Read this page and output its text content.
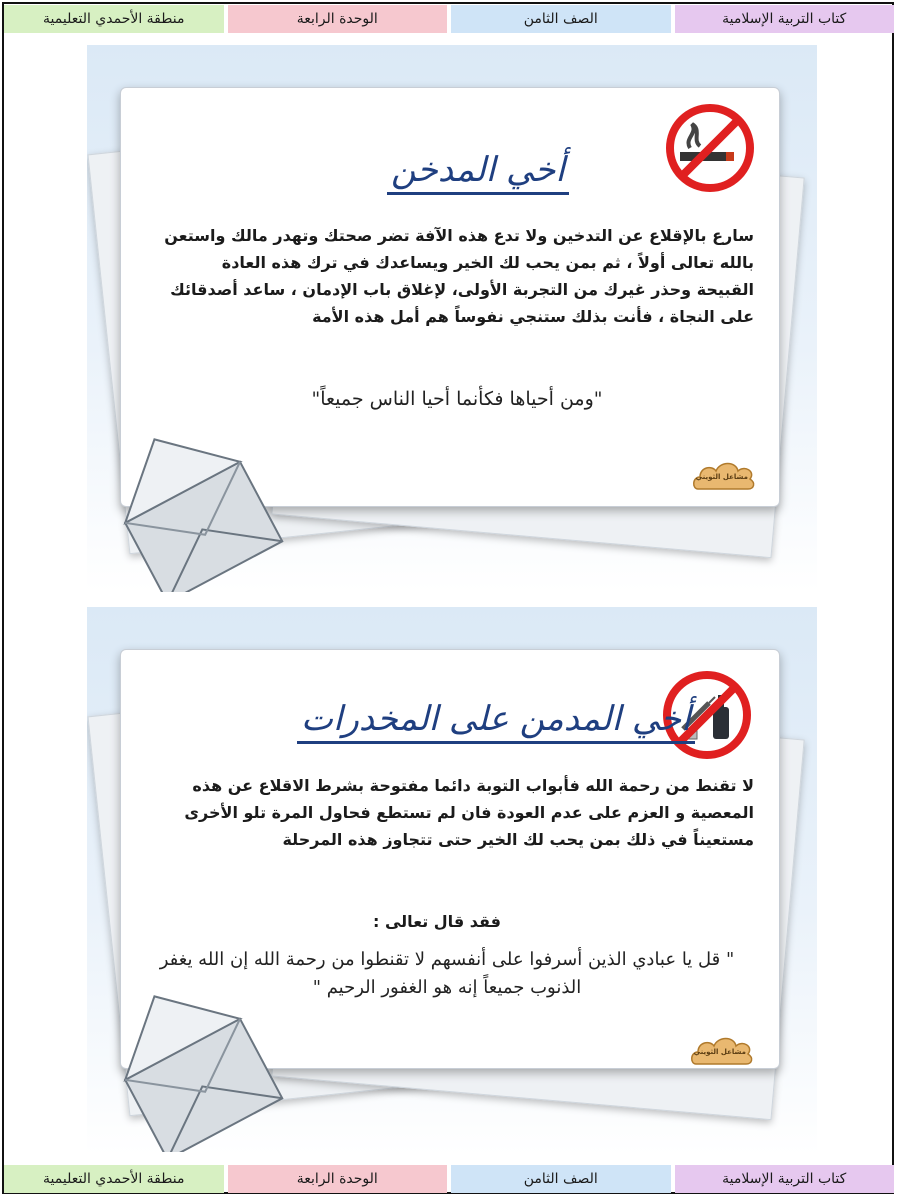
كتاب التربية الإسلامية
الصف الثامن
الوحدة الرابعة
منطقة الأحمدي التعليمية
أخي المدخن
سارع بالإقلاع عن التدخين ولا تدع هذه الآفة تضر صحتك وتهدر مالك واستعن بالله تعالى أولاً ، ثم بمن يحب لك الخير ويساعدك في ترك هذه العادة القبيحة وحذر غيرك من التجربة الأولى، لإغلاق باب الإدمان ، ساعد أصدقائك على النجاة ، فأنت بذلك ستنجي نفوساً هم أمل هذه الأمة
"ومن أحياها فكأنما أحيا الناس جميعاً"
مشاعل الثويني
أخي المدمن على المخدرات
لا تقنط من رحمة الله فأبواب التوبة دائما مفتوحة بشرط الاقلاع عن هذه المعصية و العزم على عدم العودة فان لم تستطع فحاول المرة تلو الأخرى مستعيناً في ذلك بمن يحب لك الخير حتى تتجاوز هذه المرحلة
فقد قال تعالى :
" قل يا عبادي الذين أسرفوا على أنفسهم لا تقنطوا من رحمة الله إن الله يغفر
الذنوب جميعاً إنه هو الغفور الرحيم "
مشاعل الثويني
كتاب التربية الإسلامية
الصف الثامن
الوحدة الرابعة
منطقة الأحمدي التعليمية
